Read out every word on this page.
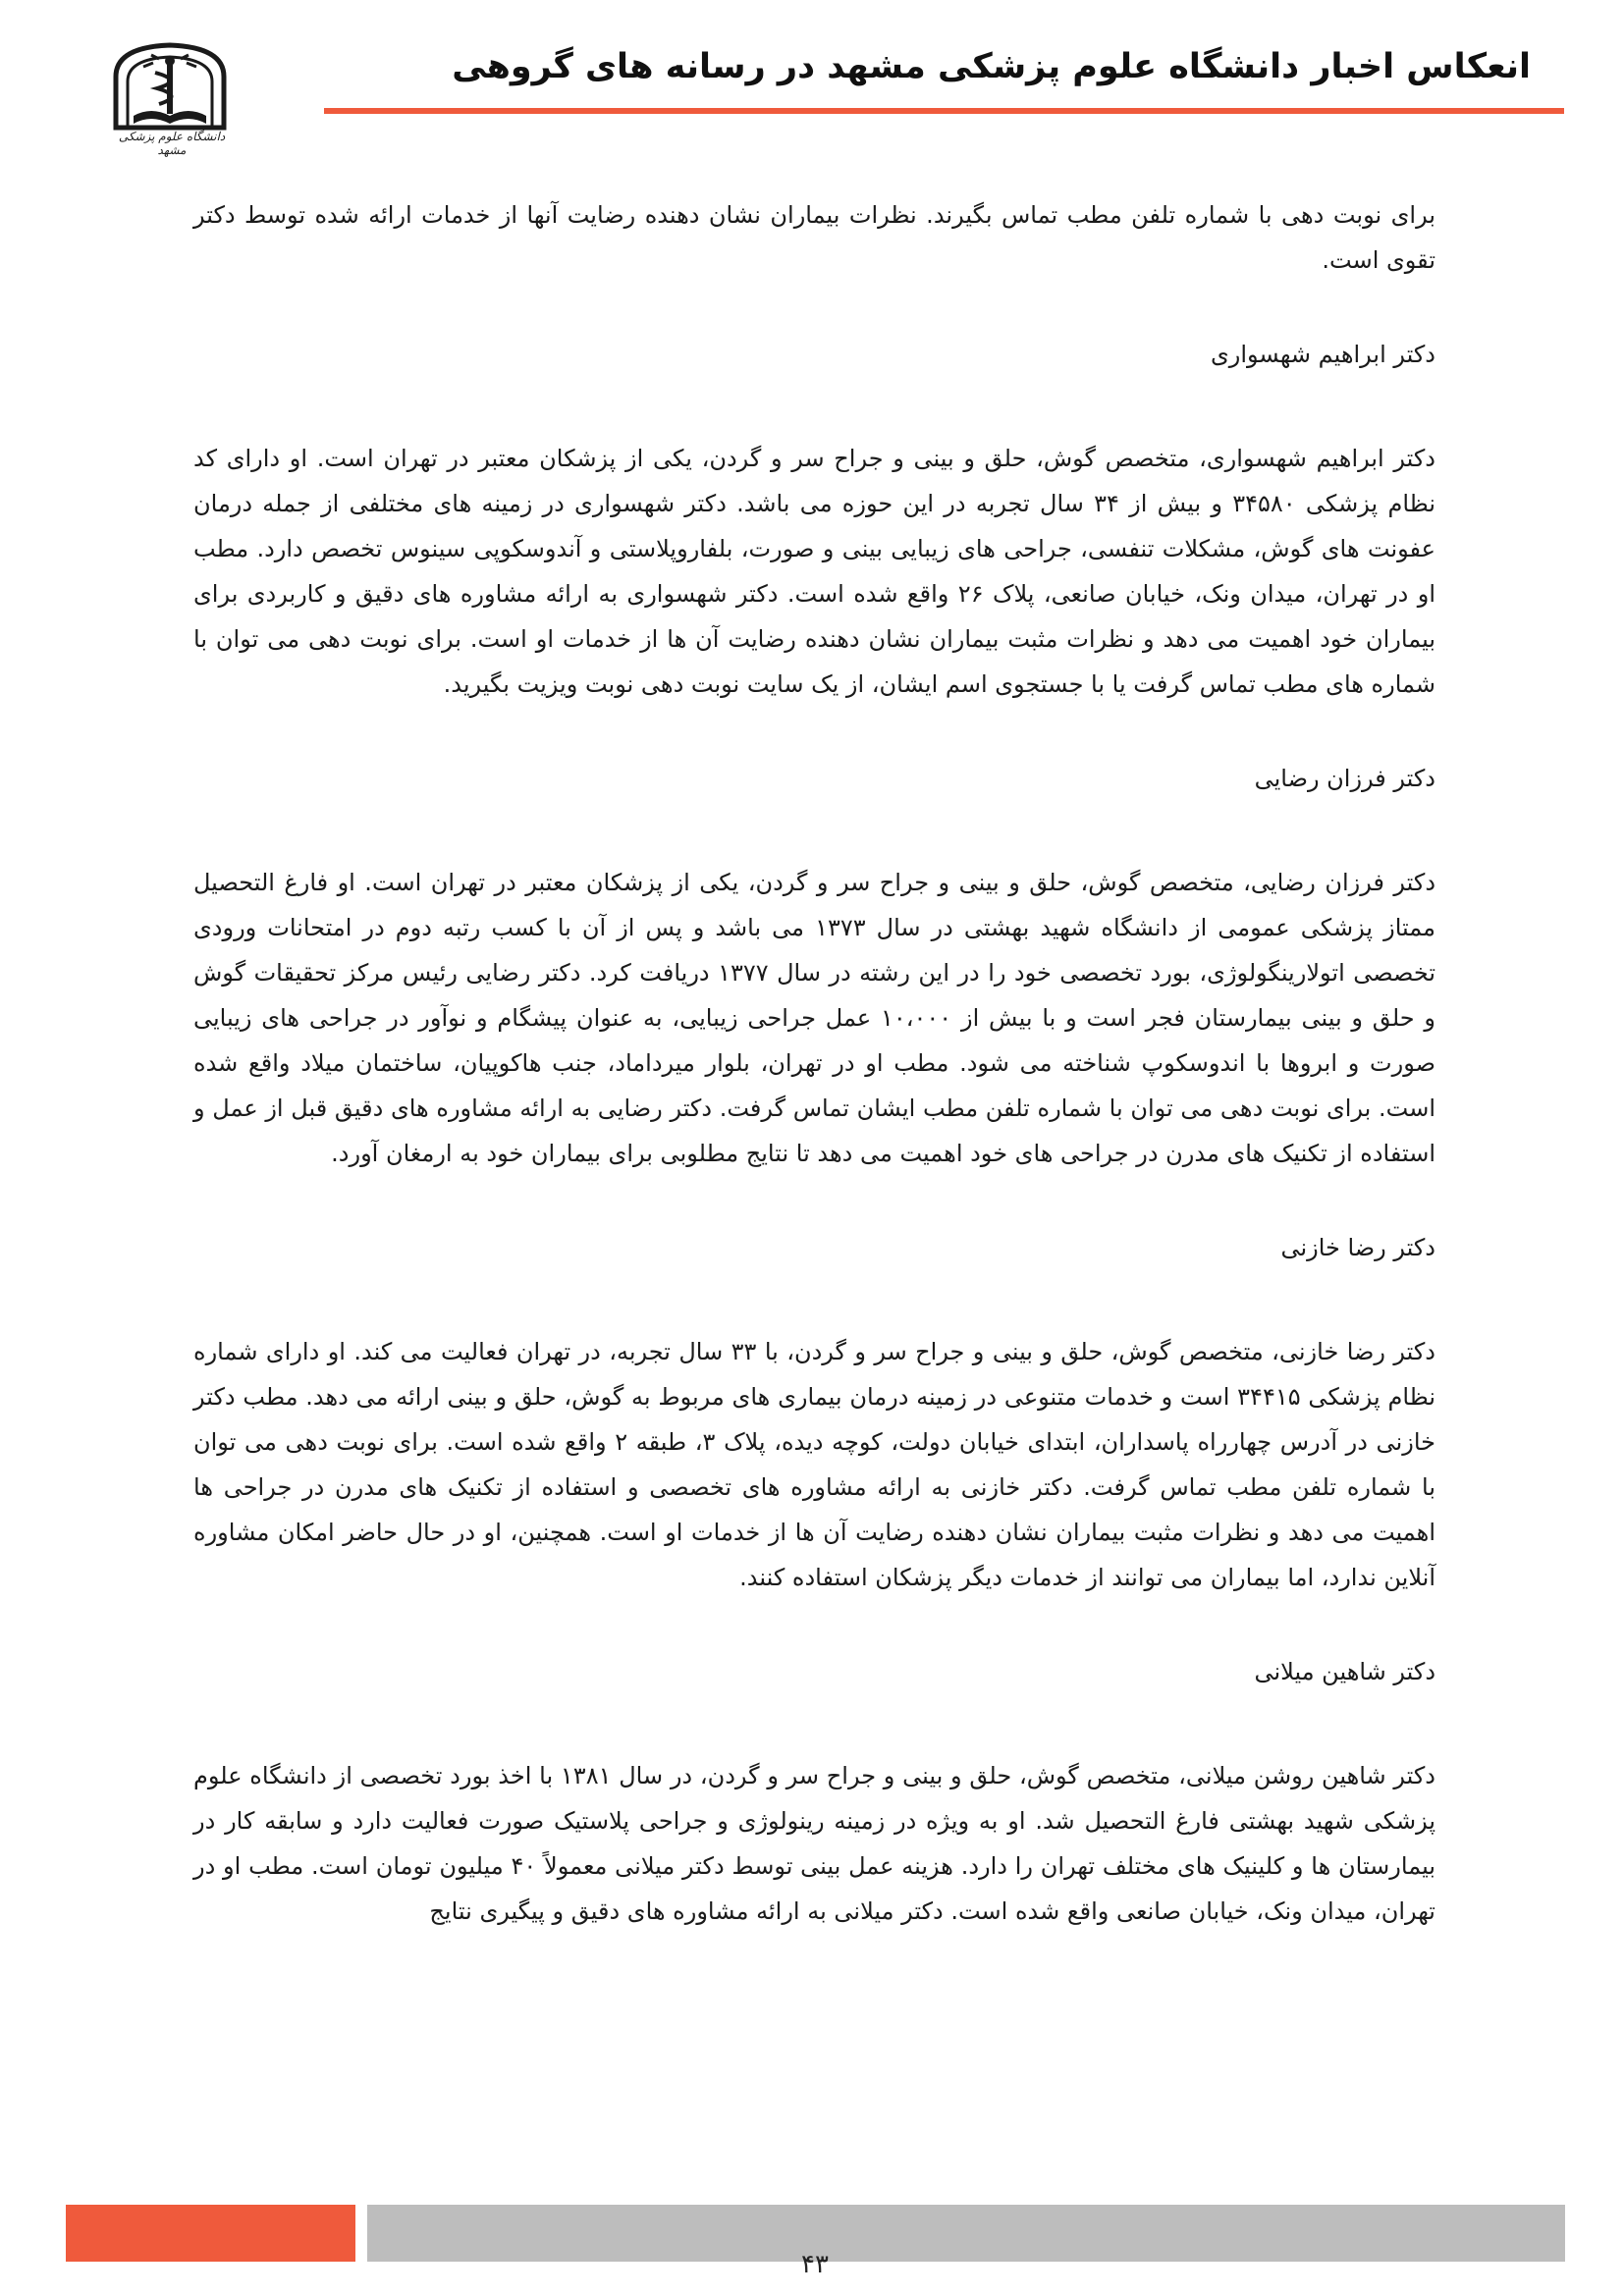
انعکاس اخبار دانشگاه علوم پزشکی مشهد در رسانه های گروهی
دانشگاه علوم پزشکی مشهد

برای نوبت دهی با شماره تلفن مطب تماس بگیرند. نظرات بیماران نشان دهنده رضایت آنها از خدمات ارائه شده توسط دکتر تقوی است.

دکتر ابراهیم شهسواری

دکتر ابراهیم شهسواری، متخصص گوش، حلق و بینی و جراح سر و گردن، یکی از پزشکان معتبر در تهران است. او دارای کد نظام پزشکی ۳۴۵۸۰ و بیش از ۳۴ سال تجربه در این حوزه می باشد. دکتر شهسواری در زمینه های مختلفی از جمله درمان عفونت های گوش، مشکلات تنفسی، جراحی های زیبایی بینی و صورت، بلفاروپلاستی و آندوسکوپی سینوس تخصص دارد. مطب او در تهران، میدان ونک، خیابان صانعی، پلاک ۲۶ واقع شده است. دکتر شهسواری به ارائه مشاوره های دقیق و کاربردی برای بیماران خود اهمیت می دهد و نظرات مثبت بیماران نشان دهنده رضایت آن ها از خدمات او است. برای نوبت دهی می توان با شماره های مطب تماس گرفت یا با جستجوی اسم ایشان، از یک سایت نوبت دهی نوبت ویزیت بگیرید.

دکتر فرزان رضایی

دکتر فرزان رضایی، متخصص گوش، حلق و بینی و جراح سر و گردن، یکی از پزشکان معتبر در تهران است. او فارغ التحصیل ممتاز پزشکی عمومی از دانشگاه شهید بهشتی در سال ۱۳۷۳ می باشد و پس از آن با کسب رتبه دوم در امتحانات ورودی تخصصی اتولارینگولوژی، بورد تخصصی خود را در این رشته در سال ۱۳۷۷ دریافت کرد. دکتر رضایی رئیس مرکز تحقیقات گوش و حلق و بینی بیمارستان فجر است و با بیش از ۱۰،۰۰۰ عمل جراحی زیبایی، به عنوان پیشگام و نوآور در جراحی های زیبایی صورت و ابروها با اندوسکوپ شناخته می شود. مطب او در تهران، بلوار میرداماد، جنب هاکوپیان، ساختمان میلاد واقع شده است. برای نوبت دهی می توان با شماره تلفن مطب ایشان تماس گرفت. دکتر رضایی به ارائه مشاوره های دقیق قبل از عمل و استفاده از تکنیک های مدرن در جراحی های خود اهمیت می دهد تا نتایج مطلوبی برای بیماران خود به ارمغان آورد.

دکتر رضا خازنی

دکتر رضا خازنی، متخصص گوش، حلق و بینی و جراح سر و گردن، با ۳۳ سال تجربه، در تهران فعالیت می کند. او دارای شماره نظام پزشکی ۳۴۴۱۵ است و خدمات متنوعی در زمینه درمان بیماری های مربوط به گوش، حلق و بینی ارائه می دهد. مطب دکتر خازنی در آدرس چهارراه پاسداران، ابتدای خیابان دولت، کوچه دیده، پلاک ۳، طبقه ۲ واقع شده است. برای نوبت دهی می توان با شماره تلفن مطب تماس گرفت. دکتر خازنی به ارائه مشاوره های تخصصی و استفاده از تکنیک های مدرن در جراحی ها اهمیت می دهد و نظرات مثبت بیماران نشان دهنده رضایت آن ها از خدمات او است. همچنین، او در حال حاضر امکان مشاوره آنلاین ندارد، اما بیماران می توانند از خدمات دیگر پزشکان استفاده کنند.

دکتر شاهین میلانی

دکتر شاهین روشن میلانی، متخصص گوش، حلق و بینی و جراح سر و گردن، در سال ۱۳۸۱ با اخذ بورد تخصصی از دانشگاه علوم پزشکی شهید بهشتی فارغ التحصیل شد. او به ویژه در زمینه رینولوژی و جراحی پلاستیک صورت فعالیت دارد و سابقه کار در بیمارستان ها و کلینیک های مختلف تهران را دارد. هزینه عمل بینی توسط دکتر میلانی معمولاً ۴۰ میلیون تومان است. مطب او در تهران، میدان ونک، خیابان صانعی واقع شده است. دکتر میلانی به ارائه مشاوره های دقیق و پیگیری نتایج

۴۳
